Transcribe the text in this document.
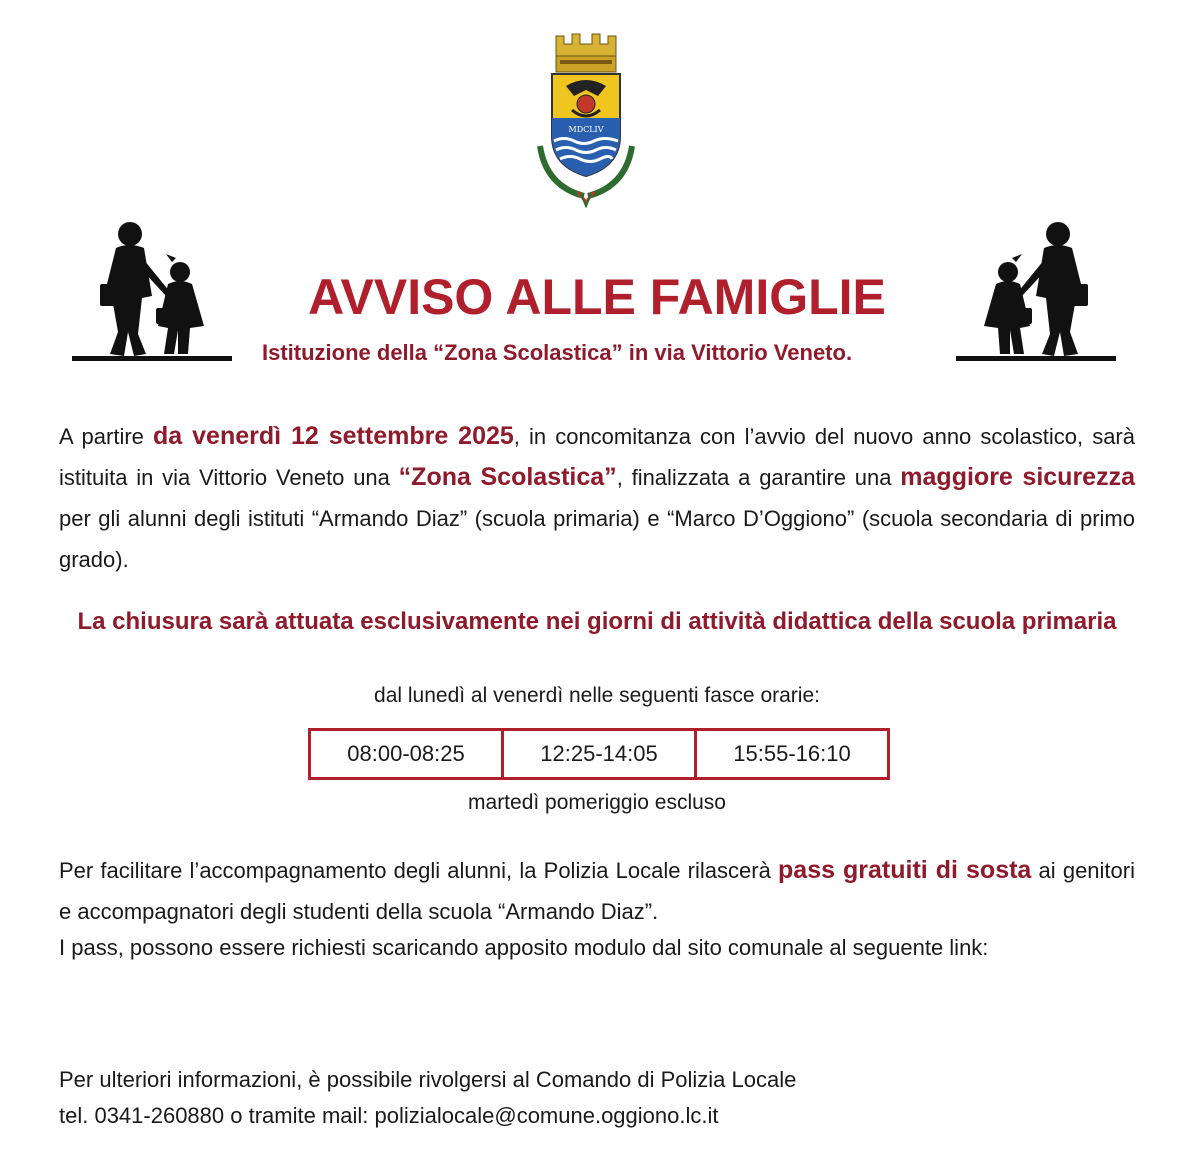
MDCLIV
AVVISO ALLE FAMIGLIE

Istituzione della “Zona Scolastica” in via Vittorio Veneto.

A partire da venerdì 12 settembre 2025, in concomitanza con l’avvio del nuovo anno scolastico, sarà istituita in via Vittorio Veneto una “Zona Scolastica”, finalizzata a garantire una maggiore sicurezza per gli alunni degli istituti “Armando Diaz” (scuola primaria) e “Marco D’Oggiono” (scuola secondaria di primo grado).

La chiusura sarà attuata esclusivamente nei giorni di attività didattica della scuola primaria

dal lunedì al venerdì nelle seguenti fasce orarie:

08:00-08:25	12:25-14:05	15:55-16:10

martedì pomeriggio escluso

Per facilitare l’accompagnamento degli alunni, la Polizia Locale rilascerà pass gratuiti di sosta ai genitori e accompagnatori degli studenti della scuola “Armando Diaz”.

I pass, possono essere richiesti scaricando apposito modulo dal sito comunale al seguente link:

Per ulteriori informazioni, è possibile rivolgersi al Comando di Polizia Locale

tel. 0341-260880 o tramite mail: polizialocale@comune.oggiono.lc.it
